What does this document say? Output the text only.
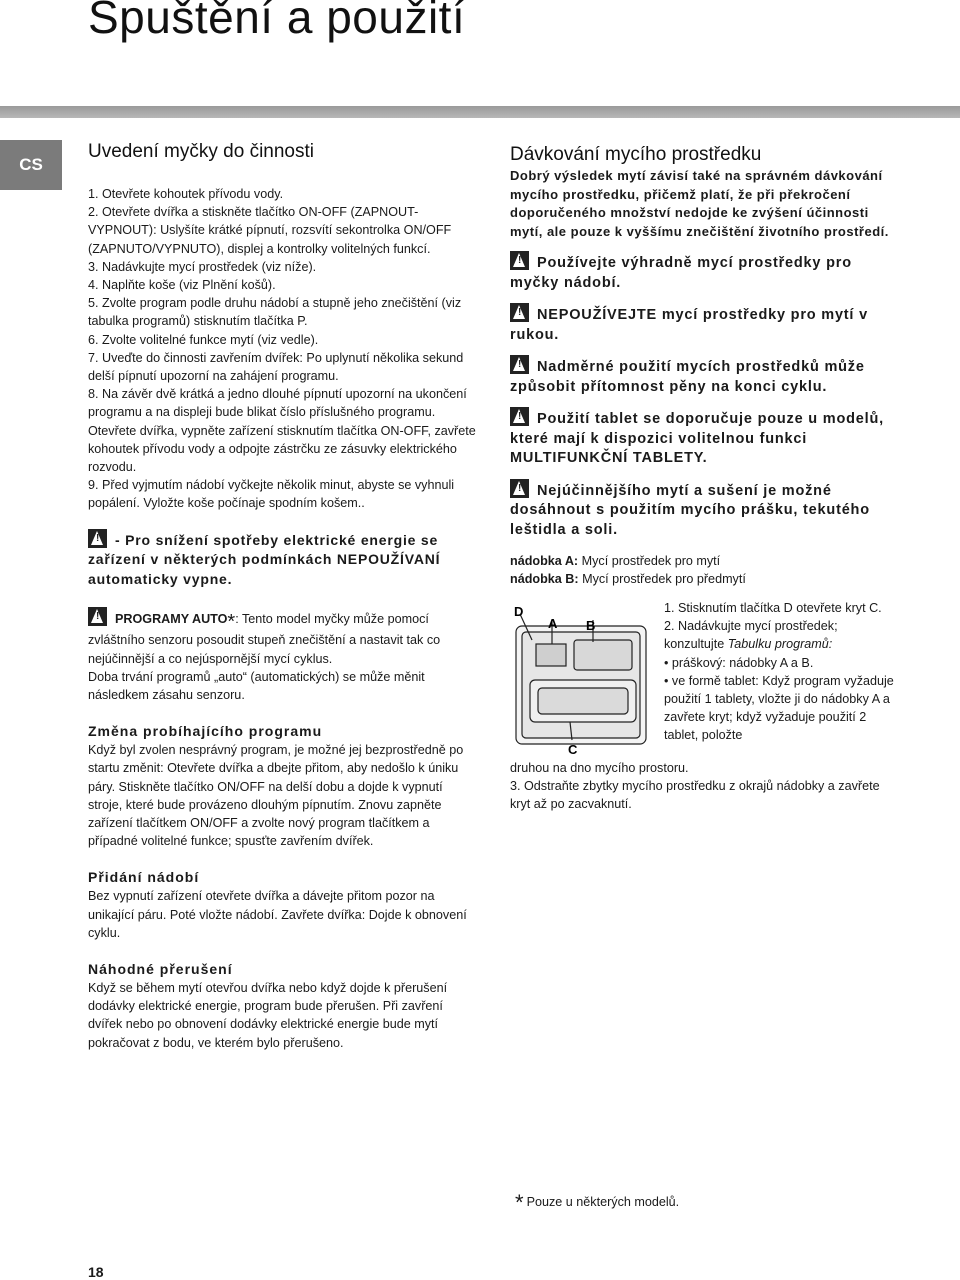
Spuštění a použití
CS
Uvedení myčky do činnosti

1. Otevřete kohoutek přívodu vody.

2. Otevřete dvířka a stiskněte tlačítko ON-OFF (ZAPNOUT-VYPNOUT): Uslyšíte krátké pípnutí, rozsvítí sekontrolka ON/OFF (ZAPNUTO/VYPNUTO), displej a kontrolky volitelných funkcí.

3. Nadávkujte mycí prostředek (viz níže).

4. Naplňte koše (viz Plnění košů).

5. Zvolte program podle druhu nádobí a stupně jeho znečištění (viz tabulka programů) stisknutím tlačítka P.

6. Zvolte volitelné funkce mytí (viz vedle).

7. Uveďte do činnosti zavřením dvířek: Po uplynutí několika sekund delší pípnutí upozorní na zahájení programu.

8. Na závěr dvě krátká a jedno dlouhé pípnutí upozorní na ukončení programu a na displeji bude blikat číslo příslušného programu. Otevřete dvířka, vypněte zařízení stisknutím tlačítka ON-OFF, zavřete kohoutek přívodu vody a odpojte zástrčku ze zásuvky elektrického rozvodu.

9. Před vyjmutím nádobí vyčkejte několik minut, abyste se vyhnuli popálení. Vyložte koše počínaje spodním košem..

!- Pro snížení spotřeby elektrické energie se zařízení v některých podmínkách NEPOUŽÍVANÍ automaticky vypne.

!PROGRAMY AUTO*: Tento model myčky může pomocí zvláštního senzoru posoudit stupeň znečištění a nastavit tak co nejúčinnější a co nejúspornější mycí cyklus.

Doba trvání programů „auto“ (automatických) se může měnit následkem zásahu senzoru.

Změna probíhajícího programu

Když byl zvolen nesprávný program, je možné jej bezprostředně po startu změnit: Otevřete dvířka a dbejte přitom, aby nedošlo k úniku páry. Stiskněte tlačítko ON/OFF na delší dobu a dojde k vypnutí stroje, které bude provázeno dlouhým pípnutím. Znovu zapněte zařízení tlačítkem ON/OFF a zvolte nový program tlačítkem a případné volitelné funkce; spusťte zavřením dvířek.

Přidání nádobí

Bez vypnutí zařízení otevřete dvířka a dávejte přitom pozor na unikající páru. Poté vložte nádobí. Zavřete dvířka: Dojde k obnovení cyklu.

Náhodné přerušení

Když se během mytí otevřou dvířka nebo když dojde k přerušení dodávky elektrické energie, program bude přerušen. Při zavření dvířek nebo po obnovení dodávky elektrické energie bude mytí pokračovat z bodu, ve kterém bylo přerušeno.

Dávkování mycího prostředku

Dobrý výsledek mytí závisí také na správném dávkování mycího prostředku, přičemž platí, že při překročení doporučeného množství nedojde ke zvýšení účinnosti mytí, ale pouze k vyššímu znečištění životního prostředí.

!Používejte výhradně mycí prostředky pro myčky nádobí.

!NEPOUŽÍVEJTE mycí prostředky pro mytí v rukou.

!Nadměrné použití mycích prostředků může způsobit přítomnost pěny na konci cyklu.

!Použití tablet se doporučuje pouze u modelů, které mají k dispozici volitelnou funkci MULTIFUNKČNÍ TABLETY.

!Nejúčinnějšího mytí a sušení je možné dosáhnout s použitím mycího prášku, tekutého leštidla a soli.

nádobka A: Mycí prostředek pro mytí

nádobka B: Mycí prostředek pro předmytí

D
A B
C

1. Stisknutím tlačítka D otevřete kryt C.

2. Nadávkujte mycí prostředek; konzultujte Tabulku programů:

• práškový: nádobky A a B.

• ve formě tablet: Když program vyžaduje použití 1 tablety, vložte ji do nádobky A a zavřete kryt; když vyžaduje použití 2 tablet, položte

druhou na dno mycího prostoru.

3. Odstraňte zbytky mycího prostředku z okrajů nádobky a zavřete kryt až po zacvaknutí.

* Pouze u některých modelů.
18
